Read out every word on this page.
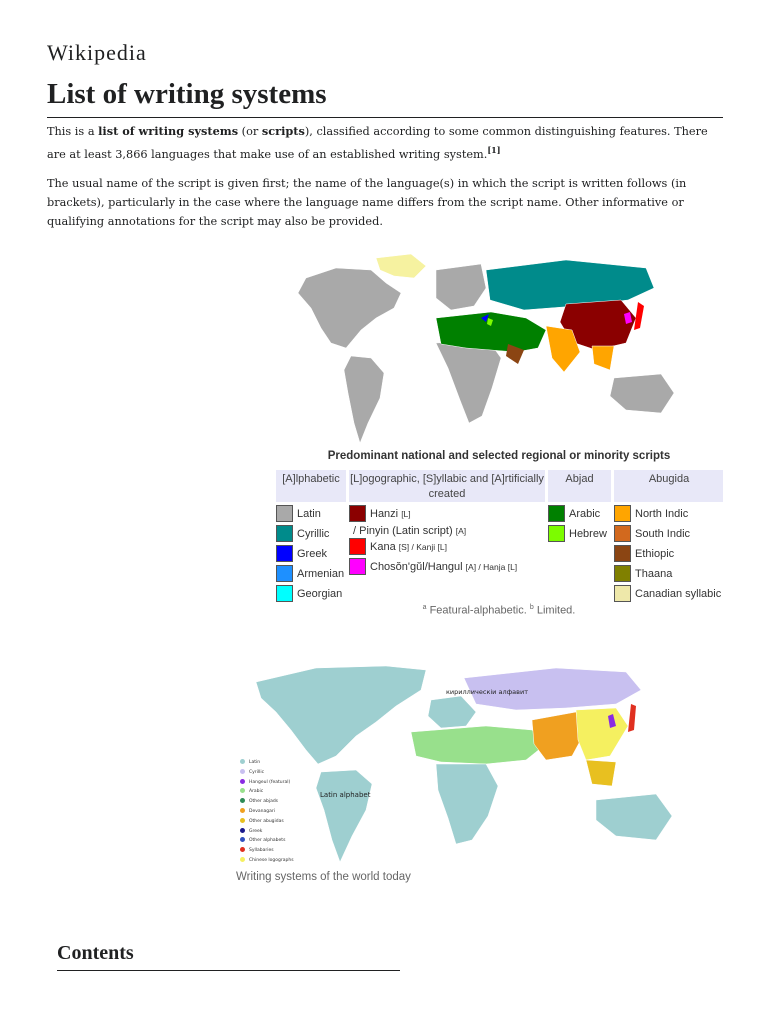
Wikipedia
List of writing systems

This is a list of writing systems (or scripts), classified according to some common distinguishing features. There are at least 3,866 languages that make use of an established writing system.[1]

The usual name of the script is given first; the name of the language(s) in which the script is written follows (in brackets), particularly in the case where the language name differs from the script name. Other informative or qualifying annotations for the script may also be provided.

Predominant national and selected regional or minority scripts
[A]lphabetic [L]ogographic, [S]yllabic and [A]rtificially created
Abjad	Abugida
Latin
Cyrillic
Greek
Armenian
Georgian
Hanzi [L]
/ Pinyin (Latin script) [A]
Kana [S] / Kanji [L]
Chosŏn'gŭl/Hangul [A] / Hanja [L]
Arabic
Hebrew
North Indic
South Indic
Ethiopic
Thaana
Canadian syllabic
$^a$ Featural-alphabetic. $^b$ Limited.
кириллическіи алфавит
Latin alphabet
Latin
Cyrillic
Hangeul (featural)
Arabic
Other abjads
Devanagari
Other abugidas
Greek
Other alphabets
Syllabaries
Chinese logographs
Writing systems of the world today
Contents
